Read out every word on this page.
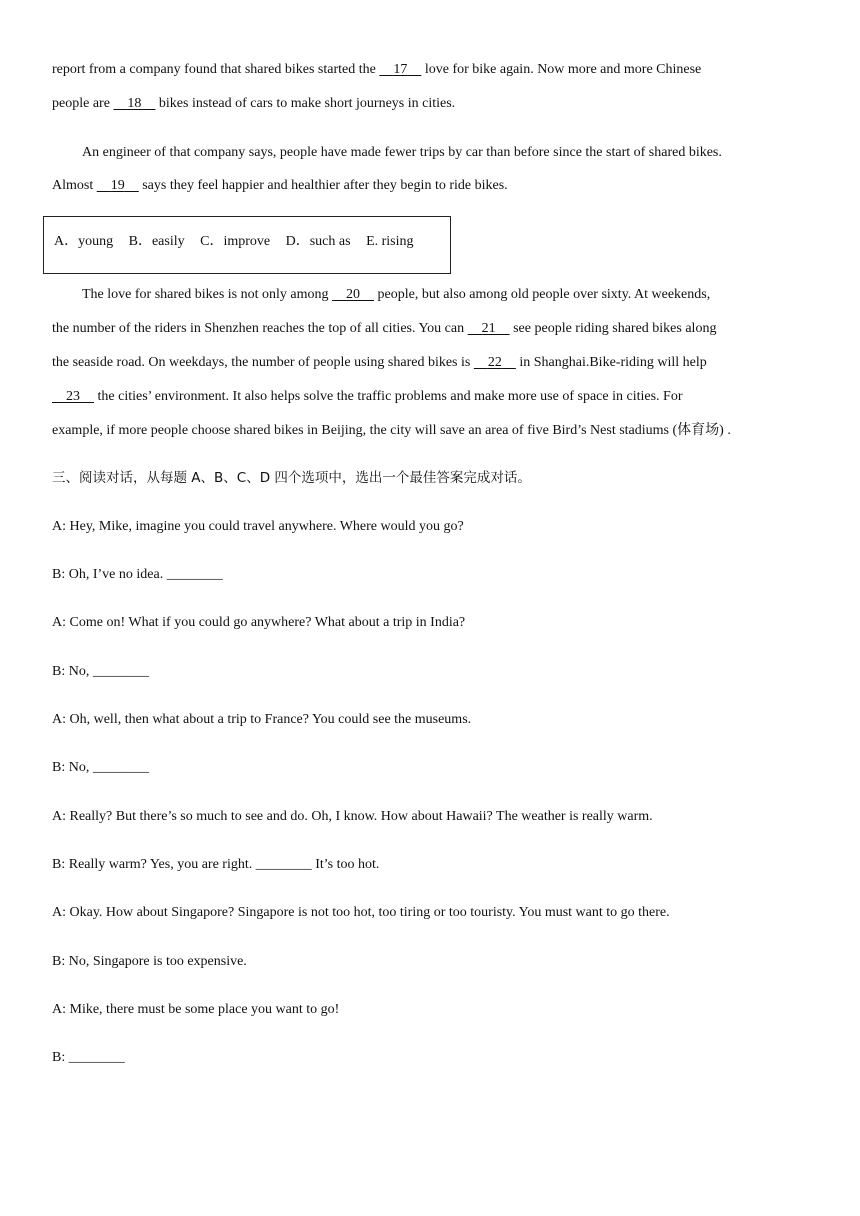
report from a company found that shared bikes started the     17     love for bike again. Now more and more Chinese
people are     18     bikes instead of cars to make short journeys in cities.
An engineer of that company says, people have made fewer trips by car than before since the start of shared bikes.
Almost     19     says they feel happier and healthier after they begin to ride bikes.
A．young B．easily C．improve D．such as E. rising
The love for shared bikes is not only among     20     people, but also among old people over sixty. At weekends,
the number of the riders in Shenzhen reaches the top of all cities. You can     21     see people riding shared bikes along
the seaside road. On weekdays, the number of people using shared bikes is     22     in Shanghai.Bike-riding will help
23     the cities’ environment. It also helps solve the traffic problems and make more use of space in cities. For
example, if more people choose shared bikes in Beijing, the city will save an area of five Bird’s Nest stadiums (体育场) .
三、阅读对话，从每题 A、B、C、D 四个选项中，选出一个最佳答案完成对话。
A: Hey, Mike, imagine you could travel anywhere. Where would you go?
B: Oh, I’ve no idea. ________
A: Come on! What if you could go anywhere? What about a trip in India?
B: No, ________
A: Oh, well, then what about a trip to France? You could see the museums.
B: No, ________
A: Really? But there’s so much to see and do. Oh, I know. How about Hawaii? The weather is really warm.
B: Really warm? Yes, you are right. ________ It’s too hot.
A: Okay. How about Singapore? Singapore is not too hot, too tiring or too touristy. You must want to go there.
B: No, Singapore is too expensive.
A: Mike, there must be some place you want to go!
B: ________
